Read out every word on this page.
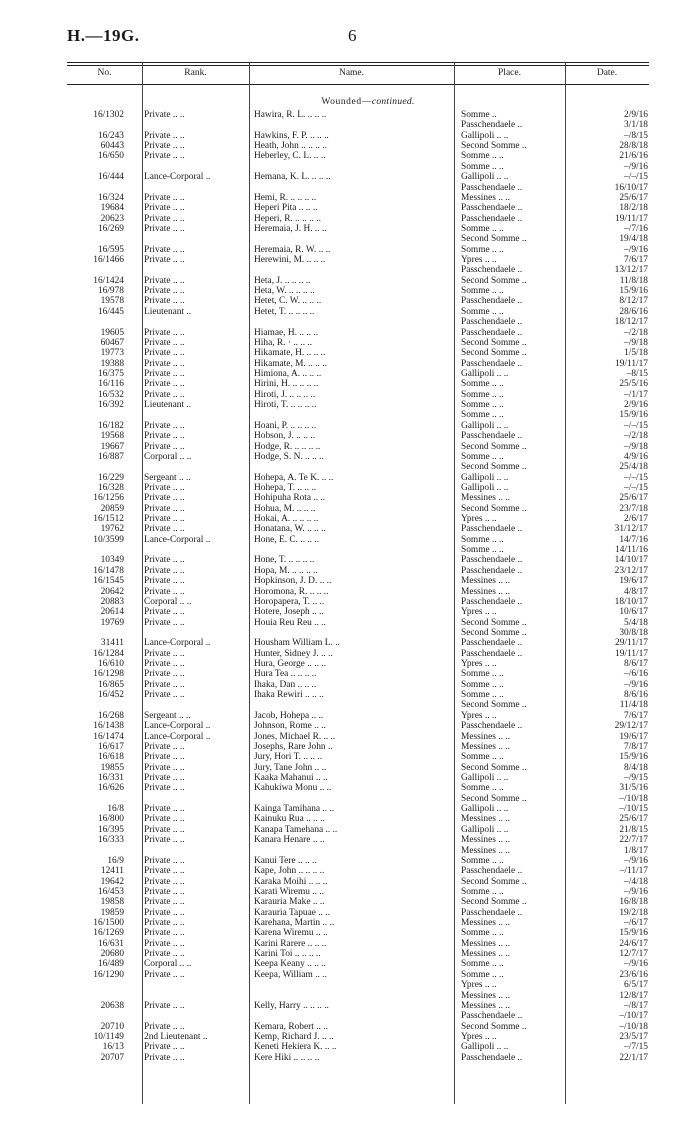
H.—19G.	6
No.	Rank.	Name.	Place.	Date.
Wounded—continued.
16/1302 Private .. ..	Hawira, R. L. .. .. ..	Somme ..	2/9/16
Passchendaele ..	3/1/18
16/243 Private .. ..	Hawkins, F. P. .. .. ..	Gallipoli .. ..	–/8/15
60443 Private .. ..	Heath, John .. .. .. ..	Second Somme ..	28/8/18
16/650 Private .. ..	Heberley, C. L. .. ..	Somme .. ..	21/6/16
Somme .. ..	–/9/16
16/444 Lance-Corporal ..	Hemana, K. L. .. .. ..	Gallipoli .. ..	–/–/15
Passchendaele ..	16/10/17
16/324 Private .. ..	Hemi, R. .. .. .. ..	Messines .. ..	25/6/17
19684 Private .. ..	Heperi Pita .. .. ..	Passchendaele ..	18/2/18
20623 Private .. ..	Heperi, R. .. .. .. ..	Passchendaele ..	19/11/17
16/269 Private .. ..	Heremaia, J. H. .. ..	Somme .. ..	–/7/16
Second Somme ..	19/4/18
16/595 Private .. ..	Heremaia, R. W. .. ..	Somme .. ..	–/9/16
16/1466 Private .. ..	Herewini, M. .. .. ..	Ypres .. ..	7/6/17
Passchendaele ..	13/12/17
16/1424 Private .. ..	Heta, J. .. .. .. ..	Second Somme ..	11/8/18
16/978 Private .. ..	Heta, W. .. .. .. ..	Somme .. ..	15/9/16
19578 Private .. ..	Hetet, C. W. .. .. ..	Passchendaele ..	8/12/17
16/445 Lieutenant ..	Hetet, T. .. .. .. ..	Somme .. ..	28/6/16
Passchendaele ..	18/12/17
19605 Private .. ..	Hiamae, H. .. .. ..	Passchendaele ..	–/2/18
60467 Private .. ..	Hiha, R. · .. .. ..	Second Somme ..	–/9/18
19773 Private .. ..	Hikamate, H. .. .. ..	Second Somme ..	1/5/18
19388 Private .. ..	Hikamate, M. .. .. ..	Passchendaele ..	19/11/17
16/375 Private .. ..	Himiona, A. .. .. ..	Gallipoli .. ..	–8/15
16/116 Private .. ..	Hirini, H. .. .. .. ..	Somme .. ..	25/5/16
16/532 Private .. ..	Hiroti, J. .. .. .. ..	Somme .. ..	–/1/17
16/392 Lieutenant ..	Hiroti, T. .. .. .. ..	Somme .. ..	2/9/16
Somme .. ..	15/9/16
16/182 Private .. ..	Hoani, P. .. .. .. ..	Gallipoli .. ..	–/–/15
19568 Private .. ..	Hobson, J. .. .. ..	Passchendaele ..	–/2/18
19667 Private .. ..	Hodge, R. .. .. .. ..	Second Somme ..	–/9/18
16/887 Corporal .. ..	Hodge, S. N. .. .. ..	Somme .. ..	4/9/16
Second Somme ..	25/4/18
16/229 Sergeant .. ..	Hohepa, A. Te K. .. ..	Gallipoli .. ..	–/–/15
16/328 Private .. ..	Hohepa, T. .. .. ..	Gallipoli .. ..	–/–/15
16/1256 Private .. ..	Hohipuha Rota .. ..	Messines .. ..	25/6/17
20859 Private .. ..	Hohua, M. .. .. ..	Second Somme ..	23/7/18
16/1512 Private .. ..	Hokai, A. .. .. .. ..	Ypres .. ..	2/6/17
19762 Private .. ..	Honatana, W. .. .. ..	Passchendaele ..	31/12/17
10/3599 Lance-Corporal ..	Hone, E. C. .. .. ..	Somme .. ..	14/7/16
Somme .. ..	14/11/16
10349 Private .. ..	Hone, T. .. .. .. ..	Passchendaele ..	14/10/17
16/1478 Private .. ..	Hopa, M. .. .. .. ..	Passchendaele ..	23/12/17
16/1545 Private .. ..	Hopkinson, J. D. .. ..	Messines .. ..	19/6/17
20642 Private .. ..	Horomona, R. .. .. ..	Messines .. ..	4/8/17
20883 Corporal .. ..	Horopapera, T. .. ..	Passchendaele ..	18/10/17
20614 Private .. ..	Hotere, Joseph .. ..	Ypres .. ..	10/6/17
19769 Private .. ..	Houia Reu Reu .. ..	Second Somme ..	5/4/18
Second Somme ..	30/8/18
31411 Lance-Corporal ..	Housham William L. ..	Passchendaele ..	29/11/17
16/1284 Private .. ..	Hunter, Sidney J. .. ..	Passchendaele ..	19/11/17
16/610 Private .. ..	Hura, George .. .. ..	Ypres .. ..	8/6/17
16/1298 Private .. ..	Hura Tea .. .. .. ..	Somme .. ..	–/6/16
16/865 Private .. ..	Ihaka, Dan .. .. ..	Somme .. ..	–/9/16
16/452 Private .. ..	Ihaka Rewiri .. .. ..	Somme .. ..	8/6/16
Second Somme ..	11/4/18
16/268 Sergeant .. ..	Jacob, Hohepa .. ..	Ypres .. ..	7/6/17
16/1438 Lance-Corporal ..	Johnson, Rome .. ..	Passchendaele ..	29/12/17
16/1474 Lance-Corporal ..	Jones, Michael R. .. ..	Messines .. ..	19/6/17
16/617 Private .. ..	Josephs, Rare John ..	Messines .. ..	7/8/17
16/618 Private .. ..	Jury, Hori T. .. .. ..	Somme .. ..	15/9/16
19855 Private .. ..	Jury, Tane John .. ..	Second Somme ..	8/4/18
16/331 Private .. ..	Kaaka Mahanui .. ..	Gallipoli .. ..	–/9/15
16/626 Private .. ..	Kahukiwa Monu .. ..	Somme .. ..	31/5/16
Second Somme ..	–/10/18
16/8 Private .. ..	Kainga Tamihana .. ..	Gallipoli .. ..	–/10/15
16/800 Private .. ..	Kainuku Rua .. .. ..	Messines .. ..	25/6/17
16/395 Private .. ..	Kanapa Tamehana .. ..	Gallipoli .. ..	21/8/15
16/333 Private .. ..	Kanara Henare .. ..	Messines .. ..	22/7/17
Messines .. ..	1/8/17
16/9 Private .. ..	Kanui Tere .. .. ..	Somme .. ..	–/9/16
12411 Private .. ..	Kape, John .. .. .. ..	Passchendaele ..	–/11/17
19642 Private .. ..	Karaka Moihi .. .. ..	Second Somme ..	–/4/18
16/453 Private .. ..	Karati Wiremu .. ..	Somme .. ..	–/9/16
19858 Private .. ..	Karauria Make .. ..	Second Somme ..	16/8/18
19859 Private .. ..	Karauria Tapuae .. ..	Passchendaele ..	19/2/18
16/1500 Private .. ..	Karehana, Martin .. ..	Messines .. ..	–/6/17
16/1269 Private .. ..	Karena Wiremu .. ..	Somme .. ..	15/9/16
16/631 Private .. ..	Karini Rarere .. .. ..	Messines .. ..	24/6/17
20680 Private .. ..	Karini Toi .. .. .. ..	Messines .. ..	12/7/17
16/489 Corporal .. ..	Keepa Keany .. .. ..	Somme .. ..	–/9/16
16/1290 Private .. ..	Keepa, William .. ..	Somme .. ..	23/6/16
Ypres .. ..	6/5/17
Messines .. ..	12/8/17
20638 Private .. ..	Kelly, Harry .. .. .. ..	Messines .. ..	–/8/17
Passchendaele ..	–/10/17
20710 Private .. ..	Kemara, Robert .. ..	Second Somme ..	–/10/18
10/1149 2nd Lieutenant ..	Kemp, Richard J. .. ..	Ypres .. ..	23/5/17
16/13 Private .. ..	Keneti Hekiera K. .. ..	Gallipoli .. ..	–/7/15
20707 Private .. ..	Kere Hiki .. .. .. ..	Passchendaele ..	22/1/17
